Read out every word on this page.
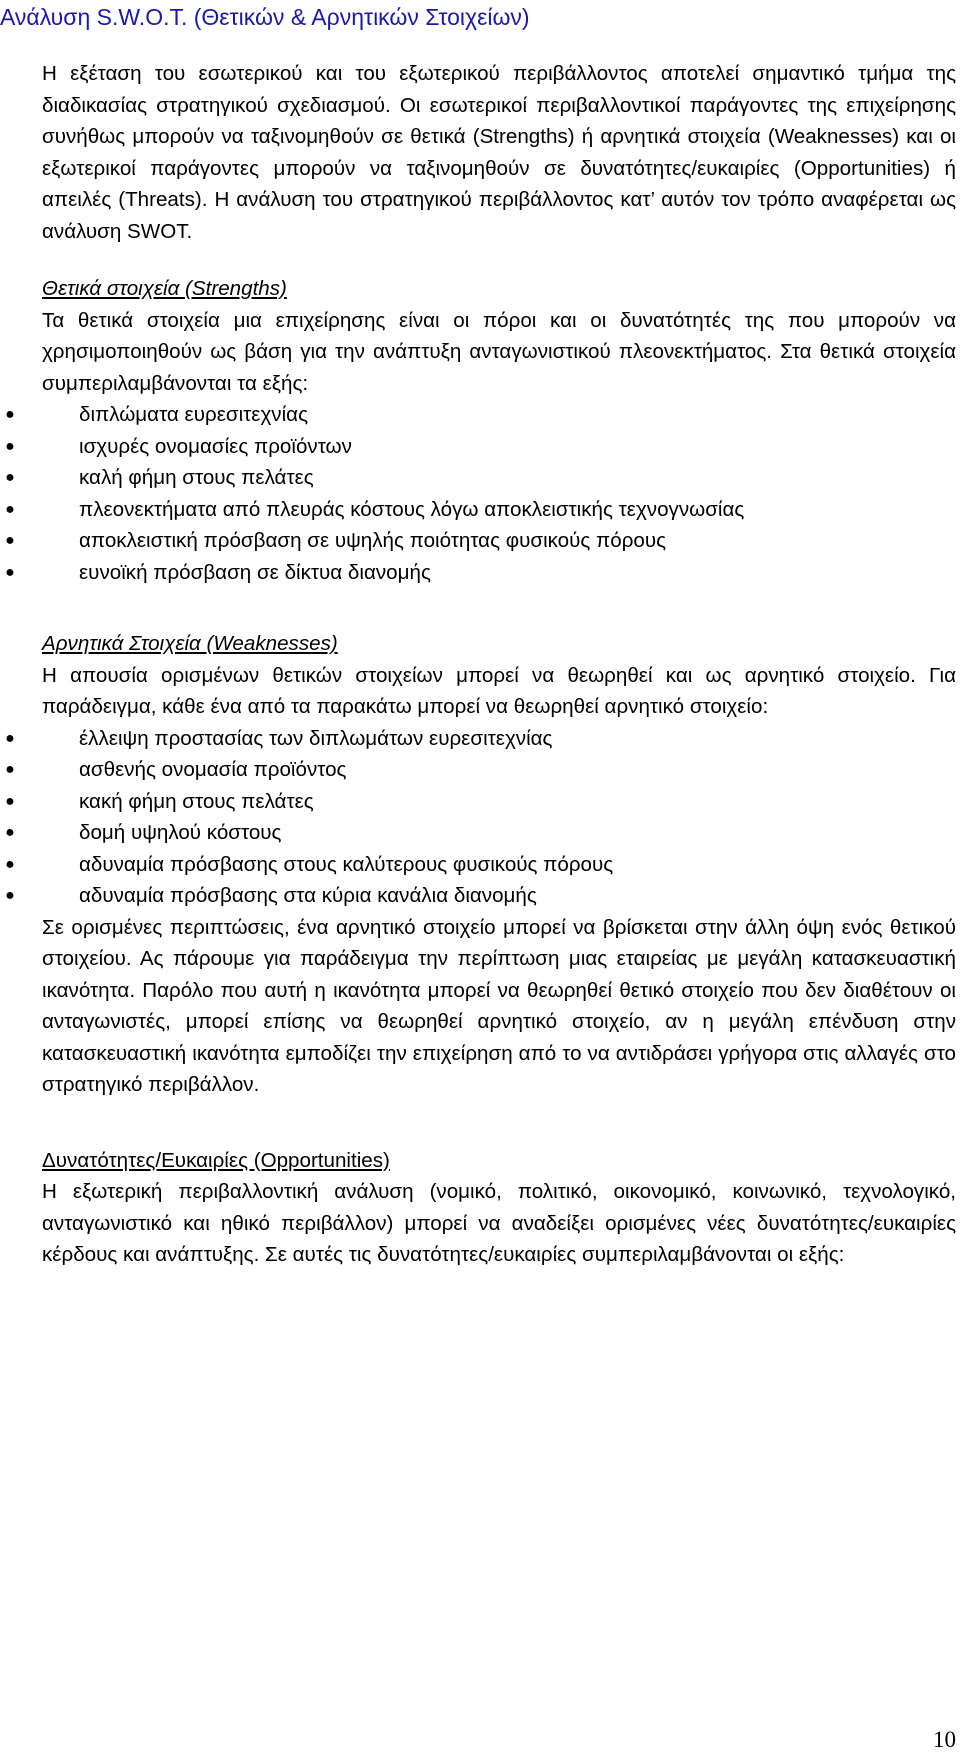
Ανάλυση S.W.O.T. (Θετικών & Αρνητικών Στοιχείων)

Η εξέταση του εσωτερικού και του εξωτερικού περιβάλλοντος αποτελεί σημαντικό τμήμα της διαδικασίας στρατηγικού σχεδιασμού. Οι εσωτερικοί περιβαλλοντικοί παράγοντες της επιχείρησης συνήθως μπορούν να ταξινομηθούν σε θετικά (Strengths) ή αρνητικά στοιχεία (Weaknesses) και οι εξωτερικοί παράγοντες μπορούν να ταξινομηθούν σε δυνατότητες/ευκαιρίες (Opportunities) ή απειλές (Threats). Η ανάλυση του στρατηγικού περιβάλλοντος κατ’ αυτόν τον τρόπο αναφέρεται ως ανάλυση SWOT.

Θετικά στοιχεία (Strengths)

Τα θετικά στοιχεία μια επιχείρησης είναι οι πόροι και οι δυνατότητές της που μπορούν να χρησιμοποιηθούν ως βάση για την ανάπτυξη ανταγωνιστικού πλεονεκτήματος. Στα θετικά στοιχεία συμπεριλαμβάνονται τα εξής:

●	διπλώματα ευρεσιτεχνίας
●	ισχυρές ονομασίες προϊόντων
●	καλή φήμη στους πελάτες
●	πλεονεκτήματα από πλευράς κόστους λόγω αποκλειστικής τεχνογνωσίας
●	αποκλειστική πρόσβαση σε υψηλής ποιότητας φυσικούς πόρους
●	ευνοϊκή πρόσβαση σε δίκτυα διανομής

Αρνητικά Στοιχεία (Weaknesses)

Η απουσία ορισμένων θετικών στοιχείων μπορεί να θεωρηθεί και ως αρνητικό στοιχείο. Για παράδειγμα, κάθε ένα από τα παρακάτω μπορεί να θεωρηθεί αρνητικό στοιχείο:

●	έλλειψη προστασίας των διπλωμάτων ευρεσιτεχνίας
●	ασθενής ονομασία προϊόντος
●	κακή φήμη στους πελάτες
●	δομή υψηλού κόστους
●	αδυναμία πρόσβασης στους καλύτερους φυσικούς πόρους
●	αδυναμία πρόσβασης στα κύρια κανάλια διανομής

Σε ορισμένες περιπτώσεις, ένα αρνητικό στοιχείο μπορεί να βρίσκεται στην άλλη όψη ενός θετικού στοιχείου. Ας πάρουμε για παράδειγμα την περίπτωση μιας εταιρείας με μεγάλη κατασκευαστική ικανότητα. Παρόλο που αυτή η ικανότητα μπορεί να θεωρηθεί θετικό στοιχείο που δεν διαθέτουν οι ανταγωνιστές, μπορεί επίσης να θεωρηθεί αρνητικό στοιχείο, αν η μεγάλη επένδυση στην κατασκευαστική ικανότητα εμποδίζει την επιχείρηση από το να αντιδράσει γρήγορα στις αλλαγές στο στρατηγικό περιβάλλον.

Δυνατότητες/Ευκαιρίες (Opportunities)

Η εξωτερική περιβαλλοντική ανάλυση (νομικό, πολιτικό, οικονομικό, κοινωνικό, τεχνολογικό, ανταγωνιστικό και ηθικό περιβάλλον) μπορεί να αναδείξει ορισμένες νέες δυνατότητες/ευκαιρίες κέρδους και ανάπτυξης. Σε αυτές τις δυνατότητες/ευκαιρίες συμπεριλαμβάνονται οι εξής:

10
